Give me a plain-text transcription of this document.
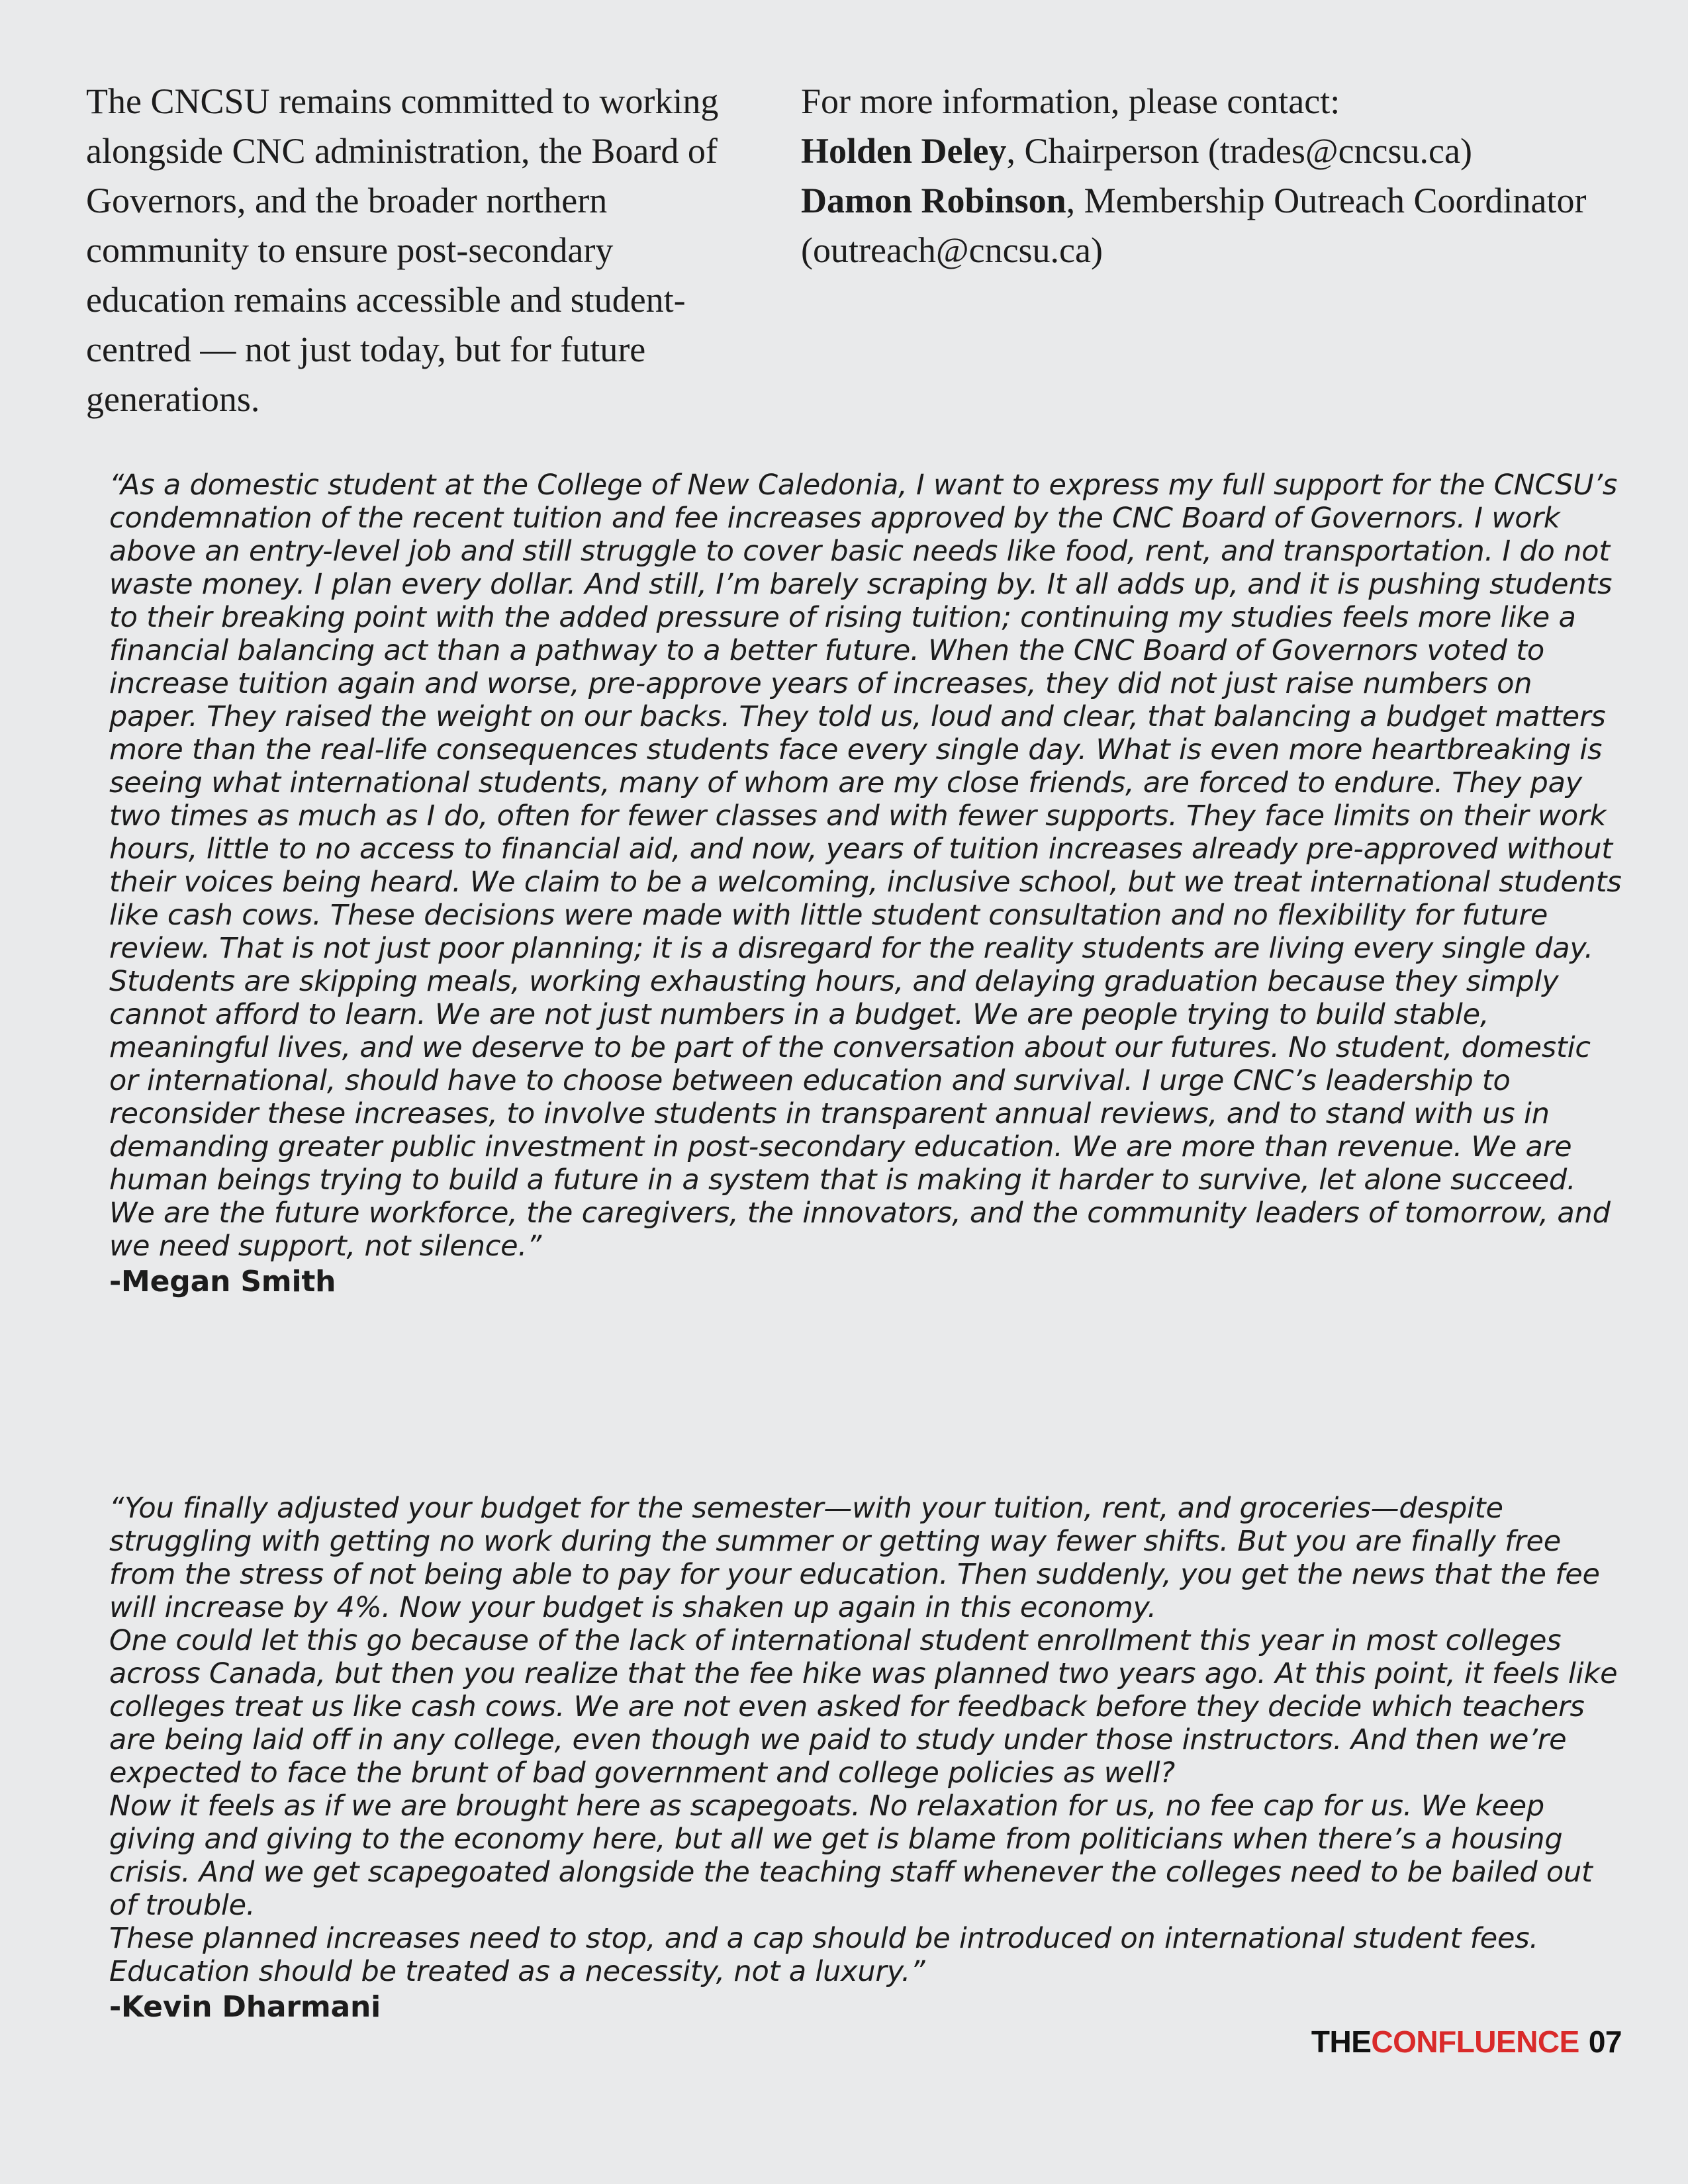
The CNCSU remains committed to working alongside CNC administration, the Board of Governors, and the broader northern community to ensure post-secondary education remains accessible and student-centred — not just today, but for future generations.

For more information, please contact:

Holden Deley, Chairperson (trades@cncsu.ca)

Damon Robinson, Membership Outreach Coordinator (outreach@cncsu.ca)

“As a domestic student at the College of New Caledonia, I want to express my full support for the CNCSU’s condemnation of the recent tuition and fee increases approved by the CNC Board of Governors. I work above an entry-level job and still struggle to cover basic needs like food, rent, and transportation. I do not waste money. I plan every dollar. And still, I’m barely scraping by. It all adds up, and it is pushing students to their breaking point with the added pressure of rising tuition; continuing my studies feels more like a financial balancing act than a pathway to a better future. When the CNC Board of Governors voted to increase tuition again and worse, pre-approve years of increases, they did not just raise numbers on paper. They raised the weight on our backs. They told us, loud and clear, that balancing a budget matters more than the real-life consequences students face every single day. What is even more heartbreaking is seeing what international students, many of whom are my close friends, are forced to endure. They pay two times as much as I do, often for fewer classes and with fewer supports. They face limits on their work hours, little to no access to financial aid, and now, years of tuition increases already pre-approved without their voices being heard. We claim to be a welcoming, inclusive school, but we treat international students like cash cows. These decisions were made with little student consultation and no flexibility for future review. That is not just poor planning; it is a disregard for the reality students are living every single day. Students are skipping meals, working exhausting hours, and delaying graduation because they simply cannot afford to learn. We are not just numbers in a budget. We are people trying to build stable, meaningful lives, and we deserve to be part of the conversation about our futures. No student, domestic or international, should have to choose between education and survival. I urge CNC’s leadership to reconsider these increases, to involve students in transparent annual reviews, and to stand with us in demanding greater public investment in post-secondary education. We are more than revenue. We are human beings trying to build a future in a system that is making it harder to survive, let alone succeed. We are the future workforce, the caregivers, the innovators, and the community leaders of tomorrow, and we need support, not silence.”

-Megan Smith

“You finally adjusted your budget for the semester—with your tuition, rent, and groceries—despite struggling with getting no work during the summer or getting way fewer shifts. But you are finally free from the stress of not being able to pay for your education. Then suddenly, you get the news that the fee will increase by 4%. Now your budget is shaken up again in this economy.

One could let this go because of the lack of international student enrollment this year in most colleges across Canada, but then you realize that the fee hike was planned two years ago. At this point, it feels like colleges treat us like cash cows. We are not even asked for feedback before they decide which teachers are being laid off in any college, even though we paid to study under those instructors. And then we’re expected to face the brunt of bad government and college policies as well?

Now it feels as if we are brought here as scapegoats. No relaxation for us, no fee cap for us. We keep giving and giving to the economy here, but all we get is blame from politicians when there’s a housing crisis. And we get scapegoated alongside the teaching staff whenever the colleges need to be bailed out of trouble.

These planned increases need to stop, and a cap should be introduced on international student fees. Education should be treated as a necessity, not a luxury.”

-Kevin Dharmani

THECONFLUENCE 07
